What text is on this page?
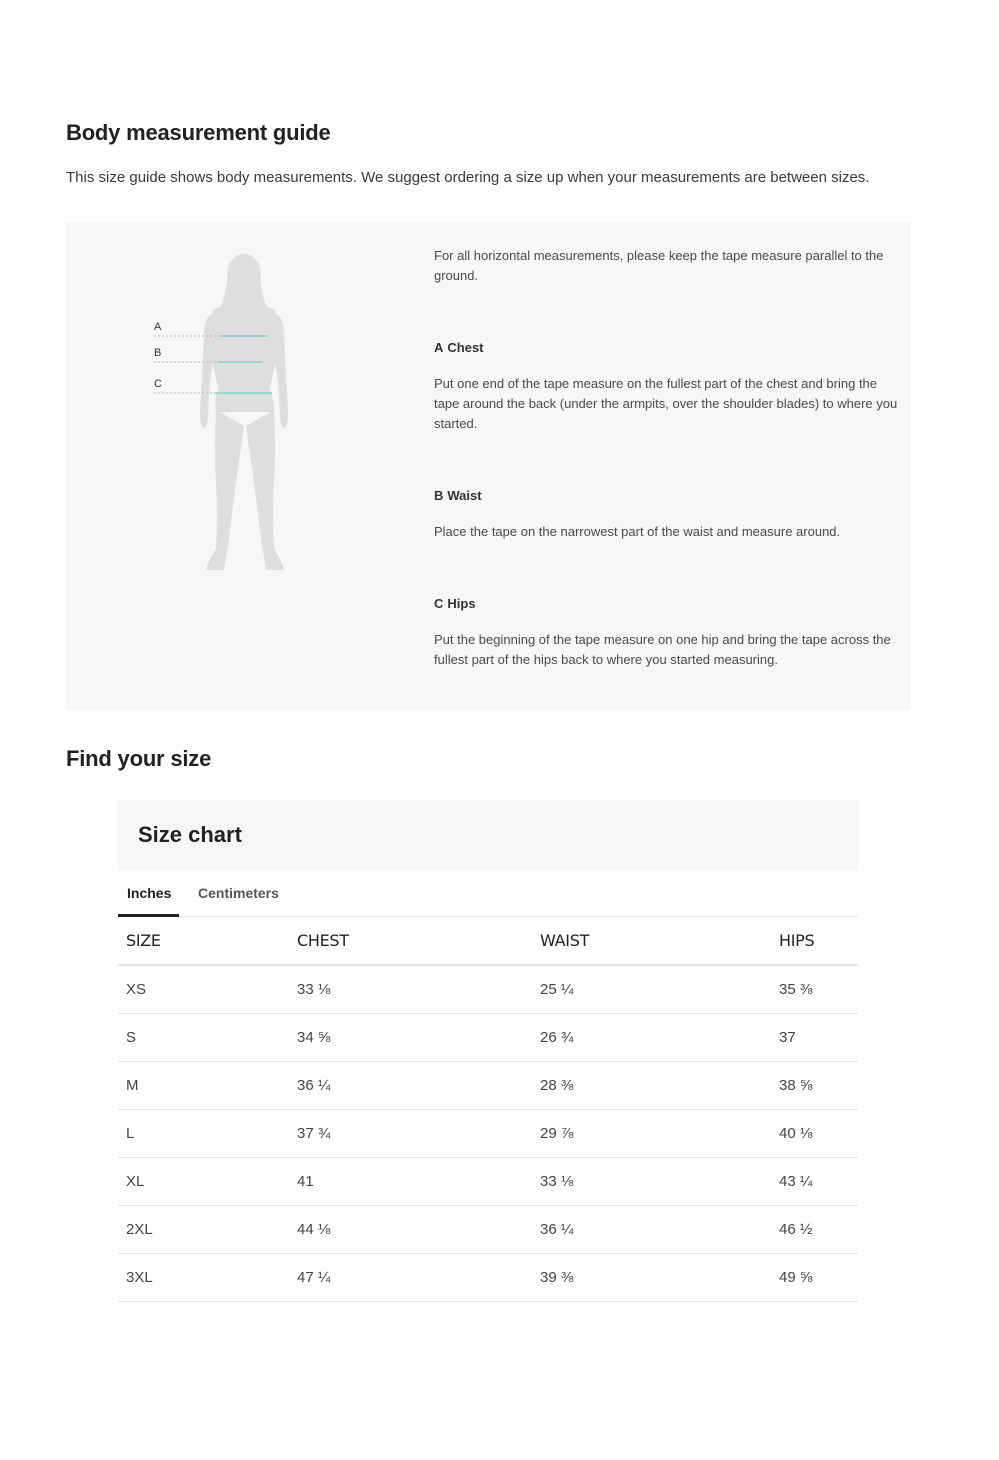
Body measurement guide

This size guide shows body measurements. We suggest ordering a size up when your measurements are between sizes.

A
B
C

For all horizontal measurements, please keep the tape measure parallel to the ground.

A Chest

Put one end of the tape measure on the fullest part of the chest and bring the tape around the back (under the armpits, over the shoulder blades) to where you started.

B Waist

Place the tape on the narrowest part of the waist and measure around.

C Hips

Put the beginning of the tape measure on one hip and bring the tape across the fullest part of the hips back to where you started measuring.

Find your size
Size chart
Inches Centimeters
SIZE	CHEST	WAIST	HIPS
XS	33 ⅛	25 ¼	35 ⅜
S	34 ⅝	26 ¾	37
M	36 ¼	28 ⅜	38 ⅝
L	37 ¾	29 ⅞	40 ⅛
XL	41	33 ⅛	43 ¼
2XL	44 ⅛	36 ¼	46 ½
3XL	47 ¼	39 ⅜	49 ⅝
